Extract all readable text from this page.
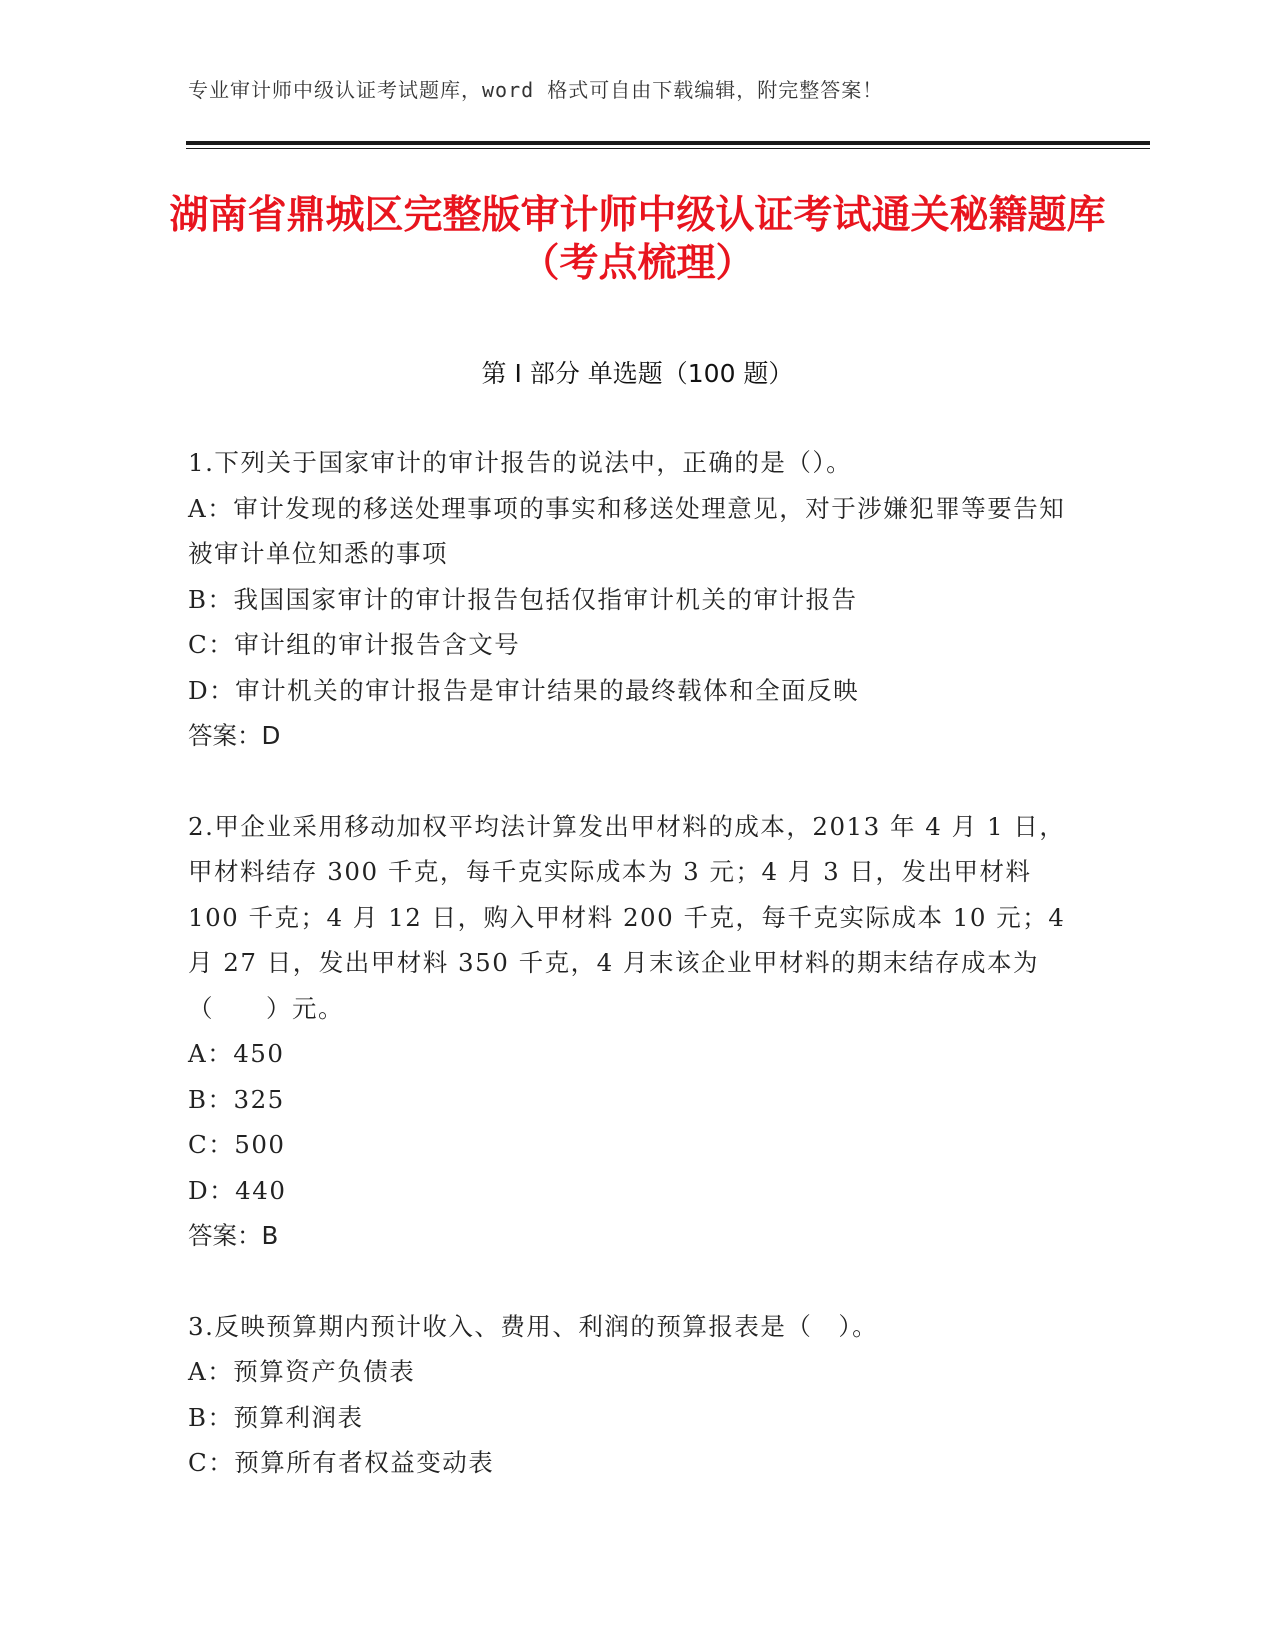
专业审计师中级认证考试题库，word 格式可自由下载编辑，附完整答案！
湖南省鼎城区完整版审计师中级认证考试通关秘籍题库（考点梳理）
第 I 部分 单选题（100 题）

1.下列关于国家审计的审计报告的说法中，正确的是（）。

A：审计发现的移送处理事项的事实和移送处理意见，对于涉嫌犯罪等要告知被审计单位知悉的事项

B：我国国家审计的审计报告包括仅指审计机关的审计报告

C：审计组的审计报告含文号

D：审计机关的审计报告是审计结果的最终载体和全面反映

答案：D

2.甲企业采用移动加权平均法计算发出甲材料的成本，2013 年 4 月 1 日，甲材料结存 300 千克，每千克实际成本为 3 元；4 月 3 日，发出甲材料 100 千克；4 月 12 日，购入甲材料 200 千克，每千克实际成本 10 元；4 月 27 日，发出甲材料 350 千克，4 月末该企业甲材料的期末结存成本为（　　）元。

A：450

B：325

C：500

D：440

答案：B

3.反映预算期内预计收入、费用、利润的预算报表是（　）。

A：预算资产负债表

B：预算利润表

C：预算所有者权益变动表
